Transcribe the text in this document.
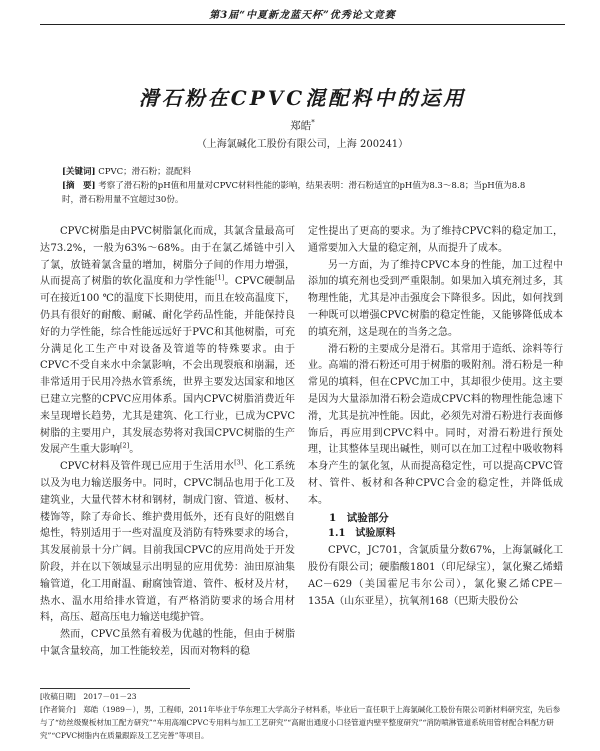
第3届“中夏新龙蓝天杯”优秀论文竞赛
滑石粉在CPVC混配料中的运用
郑皓*
（上海氯碱化工股份有限公司，上海 200241）
[关键词] CPVC；滑石粉；混配料
[摘　要] 考察了滑石粉的pH值和用量对CPVC材料性能的影响，结果表明：滑石粉适宜的pH值为8.3～8.8；当pH值为8.8时，滑石粉用量不宜超过30份。

CPVC树脂是由PVC树脂氯化而成，其氯含量最高可达73.2%，一般为63%～68%。由于在氯乙烯链中引入了氯，放链着氯含量的增加，树脂分子间的作用力增强，从而提高了树脂的软化温度和力学性能[1]。CPVC硬制品可在接近100 ℃的温度下长期使用，而且在较高温度下，仍具有很好的耐酸、耐碱、耐化学药品性能，并能保持良好的力学性能，综合性能远远好于PVC和其他树脂，可充分满足化工生产中对设备及管道等的特殊要求。由于CPVC不受自来水中余氯影响，不会出现裂痕和崩漏，还非常适用于民用冷热水管系统，世界主要发达国家和地区已建立完整的CPVC应用体系。国内CPVC树脂消费近年来呈现增长趋势，尤其是建筑、化工行业，已成为CPVC树脂的主要用户，其发展态势将对我国CPVC树脂的生产发展产生重大影响[2]。

CPVC材料及管件现已应用于生活用水[3]、化工系统以及为电力输送服务中。同时，CPVC制品也用于化工及建筑业，大量代替木材和钢材，制成门窗、管道、板材、楼饰等，除了寿命长、维护费用低外，还有良好的阻燃自熄性，特别适用于一些对温度及消防有特殊要求的场合，其发展前景十分广阔。目前我国CPVC的应用尚处于开发阶段，并在以下领域显示出明显的应用优势：油田原油集输管道，化工用耐温、耐腐蚀管道、管件、板材及片材，热水、温水用给排水管道，有严格消防要求的场合用材料，高压、超高压电力输送电缆护管。

然而，CPVC虽然有着极为优越的性能，但由于树脂中氯含量较高，加工性能较差，因而对物料的稳

定性提出了更高的要求。为了维持CPVC料的稳定加工，通常要加入大量的稳定剂，从而提升了成本。

另一方面，为了维持CPVC本身的性能，加工过程中添加的填充剂也受到严重限制。如果加入填充剂过多，其物理性能，尤其是冲击强度会下降很多。因此，如何找到一种既可以增强CPVC树脂的稳定性能，又能够降低成本的填充剂，这是现在的当务之急。

滑石粉的主要成分是滑石。其常用于造纸、涂料等行业。高端的滑石粉还可用于树脂的吸附剂。滑石粉是一种常见的填料，但在CPVC加工中，其却很少使用。这主要是因为大量添加滑石粉会造成CPVC料的物理性能急速下滑，尤其是抗冲性能。因此，必须先对滑石粉进行表面修饰后，再应用到CPVC料中。同时，对滑石粉进行预处理，让其整体呈现出碱性，则可以在加工过程中吸收物料本身产生的氯化氢，从而提高稳定性，可以提高CPVC管材、管件、板材和各种CPVC合金的稳定性，并降低成本。

1　试验部分

1.1　试验原料

CPVC，JC701，含氯质量分数67%，上海氯碱化工股份有限公司；硬脂酸1801（印尼绿宝），氯化聚乙烯蜡AC－629（美国霍尼韦尔公司），氯化聚乙烯CPE－135A（山东亚星），抗氧剂168（巴斯夫股份公

[收稿日期]　2017－01－23

[作者简介]　郑皓（1989－），男，工程师，2011年毕业于华东理工大学高分子材料系，毕业后一直任职于上海氯碱化工股份有限公司新材料研究室，先后参与了“纺丝级聚板材加工配方研究”“车用高端CPVC专用料与加工工艺研究”“高耐出通度小口径管道内壁平整度研究”“消防喷淋管道系统用管材配合料配方研究”“CPVC树脂内在质量跟踪及工艺完善”等项目。
